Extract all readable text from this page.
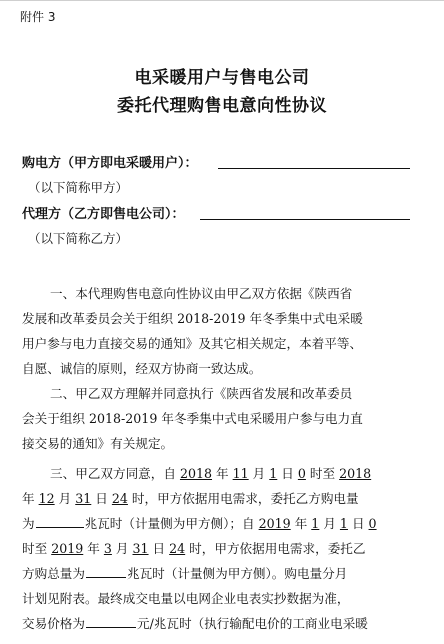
附件 3
电采暖用户与售电公司
委托代理购售电意向性协议
购电方（甲方即电采暖用户）：
（以下简称甲方）
代理方（乙方即售电公司）：
（以下简称乙方）
一、本代理购售电意向性协议由甲乙双方依据《陕西省
发展和改革委员会关于组织 2018-2019 年冬季集中式电采暖
用户参与电力直接交易的通知》及其它相关规定，本着平等、
自愿、诚信的原则，经双方协商一致达成。
二、甲乙双方理解并同意执行《陕西省发展和改革委员
会关于组织 2018-2019 年冬季集中式电采暖用户参与电力直
接交易的通知》有关规定。
三、甲乙双方同意，自 2018 年 11 月 1 日 0 时至 2018
年 12 月 31 日 24 时，甲方依据用电需求，委托乙方购电量
为	兆瓦时（计量侧为甲方侧）；自 2019 年 1 月 1 日 0
时至 2019 年 3 月 31 日 24 时，甲方依据用电需求，委托乙
方购总量为	兆瓦时（计量侧为甲方侧）。购电量分月
计划见附表。最终成交电量以电网企业电表实抄数据为准，
交易价格为	元/兆瓦时（执行输配电价的工商业电采暖
